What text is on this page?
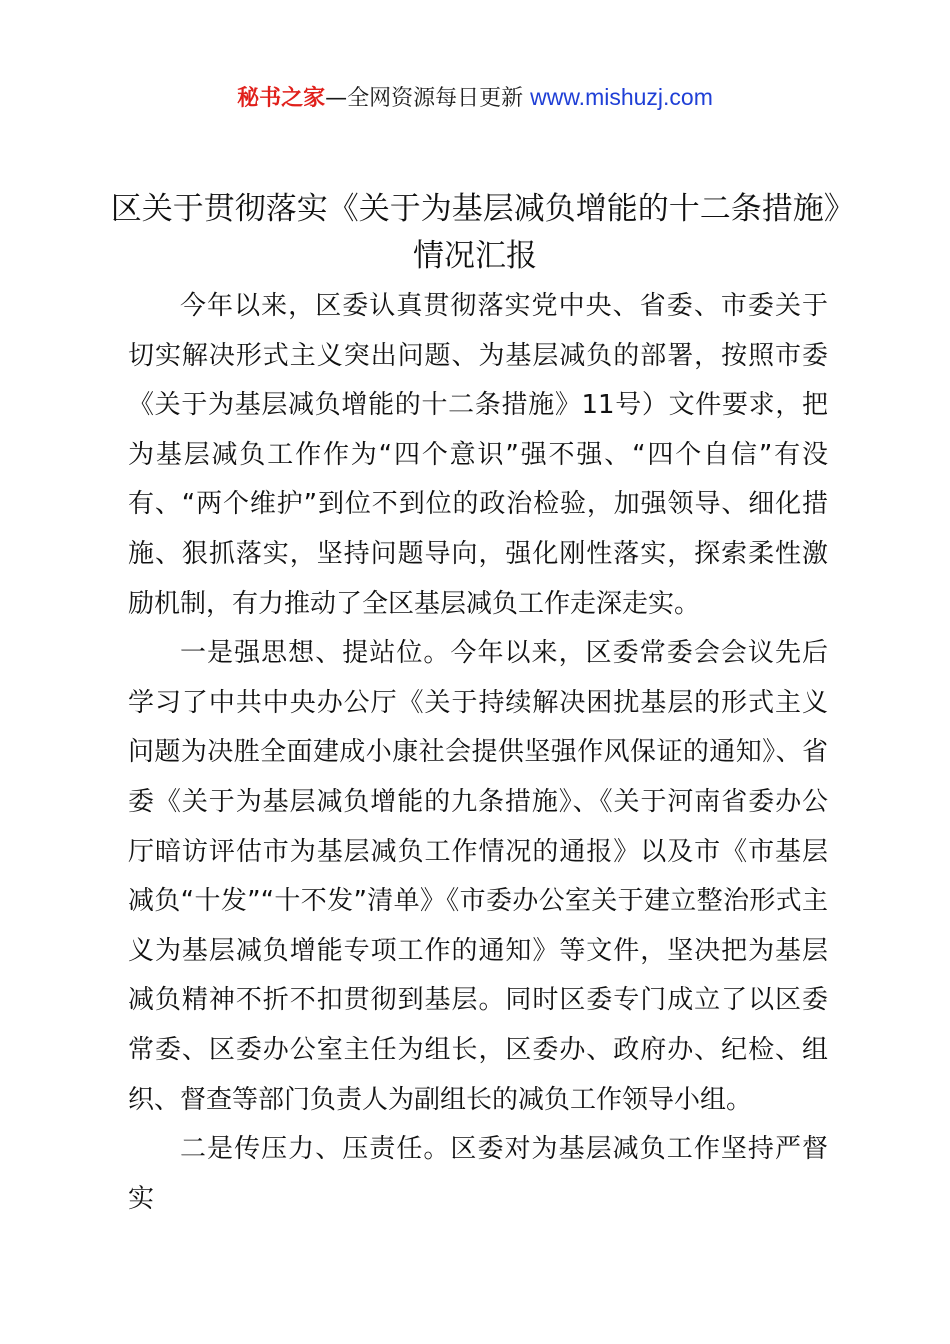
秘书之家—全网资源每日更新 www.mishuzj.com
区关于贯彻落实《关于为基层减负增能的十二条措施》情况汇报

今年以来，区委认真贯彻落实党中央、省委、市委关于切实解决形式主义突出问题、为基层减负的部署，按照市委《关于为基层减负增能的十二条措施》11号）文件要求，把为基层减负工作作为“四个意识”强不强、“四个自信”有没有、“两个维护”到位不到位的政治检验，加强领导、细化措施、狠抓落实，坚持问题导向，强化刚性落实，探索柔性激励机制，有力推动了全区基层减负工作走深走实。

一是强思想、提站位。今年以来，区委常委会会议先后学习了中共中央办公厅《关于持续解决困扰基层的形式主义问题为决胜全面建成小康社会提供坚强作风保证的通知》、省委《关于为基层减负增能的九条措施》、《关于河南省委办公厅暗访评估市为基层减负工作情况的通报》以及市《市基层减负“十发”“十不发”清单》《市委办公室关于建立整治形式主义为基层减负增能专项工作的通知》等文件，坚决把为基层减负精神不折不扣贯彻到基层。同时区委专门成立了以区委常委、区委办公室主任为组长，区委办、政府办、纪检、组织、督查等部门负责人为副组长的减负工作领导小组。

二是传压力、压责任。区委对为基层减负工作坚持严督实
